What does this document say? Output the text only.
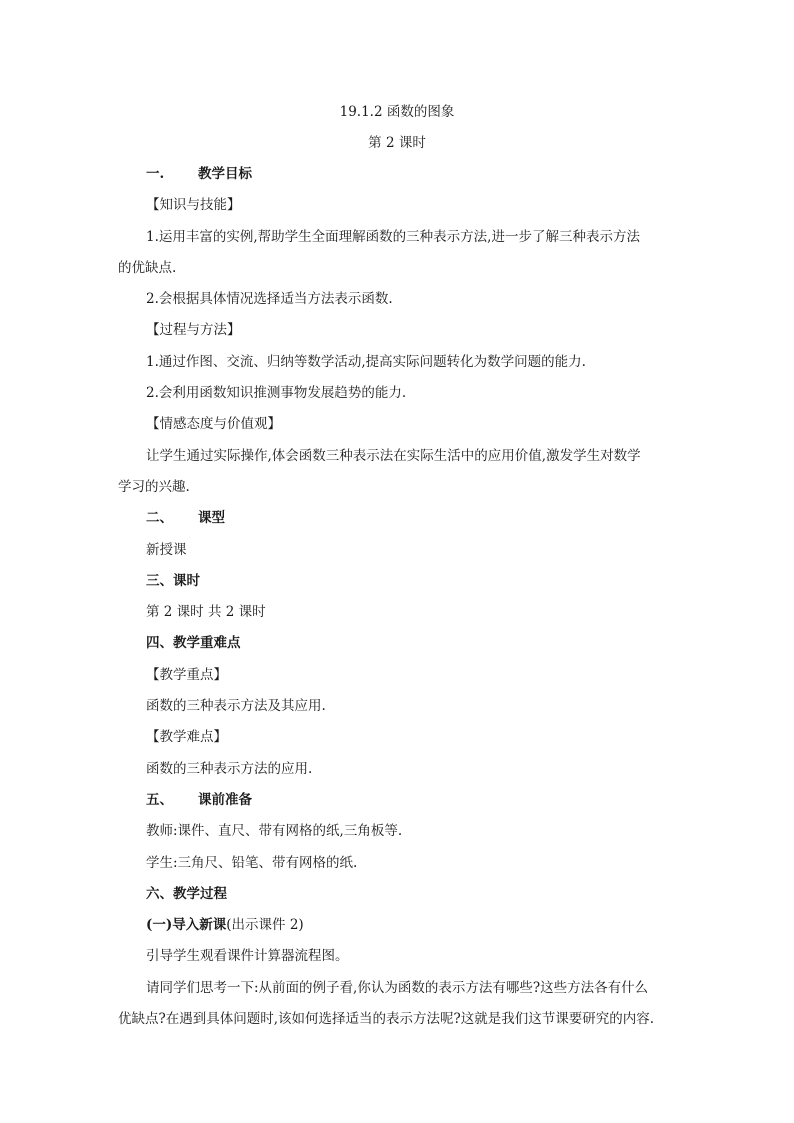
19.1.2 函数的图象
第 2 课时
一.	教学目标
【知识与技能】
1.运用丰富的实例,帮助学生全面理解函数的三种表示方法,进一步了解三种表示方法
的优缺点.
2.会根据具体情况选择适当方法表示函数.
【过程与方法】
1.通过作图、交流、归纳等数学活动,提高实际问题转化为数学问题的能力.
2.会利用函数知识推测事物发展趋势的能力.
【情感态度与价值观】
让学生通过实际操作,体会函数三种表示法在实际生活中的应用价值,激发学生对数学
学习的兴趣.
二、 课型
新授课
三、课时
第 2 课时 共 2 课时
四、教学重难点
【教学重点】
函数的三种表示方法及其应用.
【教学难点】
函数的三种表示方法的应用.
五、 课前准备
教师:课件、直尺、带有网格的纸,三角板等.
学生:三角尺、铅笔、带有网格的纸.
六、教学过程
(一)导入新课(出示课件 2)
引导学生观看课件计算器流程图。
请同学们思考一下:从前面的例子看,你认为函数的表示方法有哪些?这些方法各有什么
优缺点?在遇到具体问题时,该如何选择适当的表示方法呢?这就是我们这节课要研究的内容.
